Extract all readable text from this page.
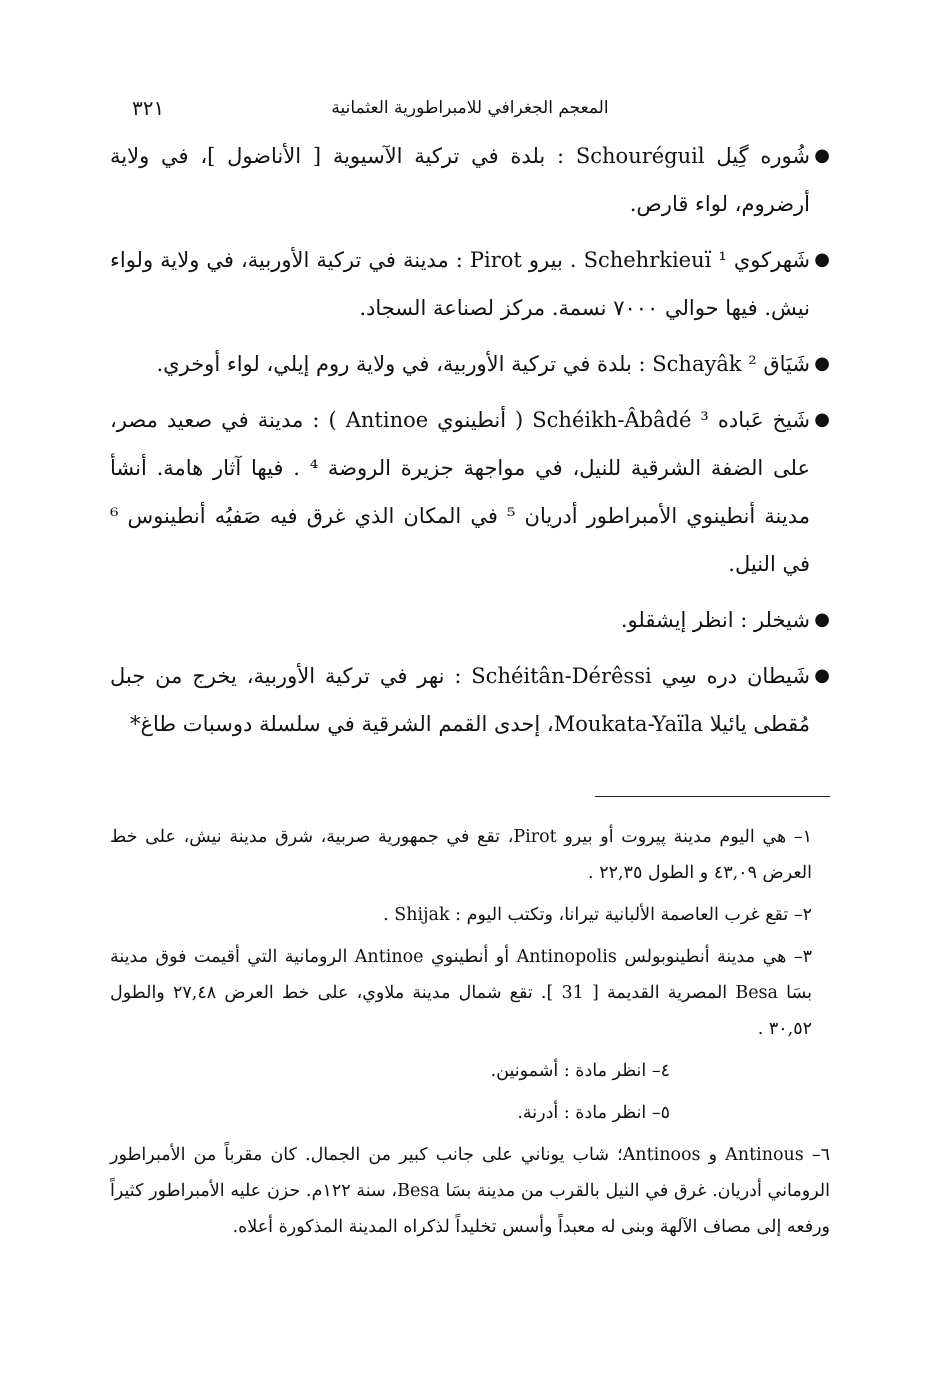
المعجم الجغرافي للامبراطورية العثمانية
٣٢١
●
شُوره گِيل Schouréguil : بلدة في تركية الآسيوية [ الأناضول ]، في ولاية أرضروم، لواء قارص.
●
شَهركوي Schehrkieuï ¹ . بيرو Pirot : مدينة في تركية الأوربية، في ولاية ولواء نيش. فيها حوالي ٧٠٠٠ نسمة. مركز لصناعة السجاد.
●
شَيَاق Schayâk ² : بلدة في تركية الأوربية، في ولاية روم إيلي، لواء أوخري.
●
شَيخ عَباده Schéikh-Âbâdé ³ ( أنطينوي Antinoe ) : مدينة في صعيد مصر، على الضفة الشرقية للنيل، في مواجهة جزيرة الروضة ⁴ . فيها آثار هامة. أنشأ مدينة أنطينوي الأمبراطور أدريان ⁵ في المكان الذي غرق فيه صَفيُه أنطينوس ⁶ في النيل.
●
شيخلر : انظر إيشقلو.
●
شَيطان دره سِي Schéitân-Dérêssi : نهر في تركية الأوربية، يخرج من جبل مُقطى يائيلا Moukata-Yaïla، إحدى القمم الشرقية في سلسلة دوسبات طاغ*
١– هي اليوم مدينة پيروت أو بيرو Pirot، تقع في جمهورية صربية، شرق مدينة نيش، على خط العرض ٤٣,٠٩ و الطول ٢٢,٣٥ .
٢– تقع غرب العاصمة الألبانية تيرانا، وتكتب اليوم : Shijak .
٣– هي مدينة أنطينوبولس Antinopolis أو أنطينوي Antinoe الرومانية التي أقيمت فوق مدينة بسَا Besa المصرية القديمة [ 31 ]. تقع شمال مدينة ملاوي، على خط العرض ٢٧,٤٨ والطول ٣٠,٥٢ .
٤– انظر مادة : أشمونين.
٥– انظر مادة : أدرنة.
٦– Antinous و Antinoos؛ شاب يوناني على جانب كبير من الجمال. كان مقرباً من الأمبراطور الروماني أدريان. غرق في النيل بالقرب من مدينة بسَا Besa، سنة ١٢٢م. حزن عليه الأمبراطور كثيراً ورفعه إلى مصاف الآلهة وبنى له معبداً وأسس تخليداً لذكراه المدينة المذكورة أعلاه.
